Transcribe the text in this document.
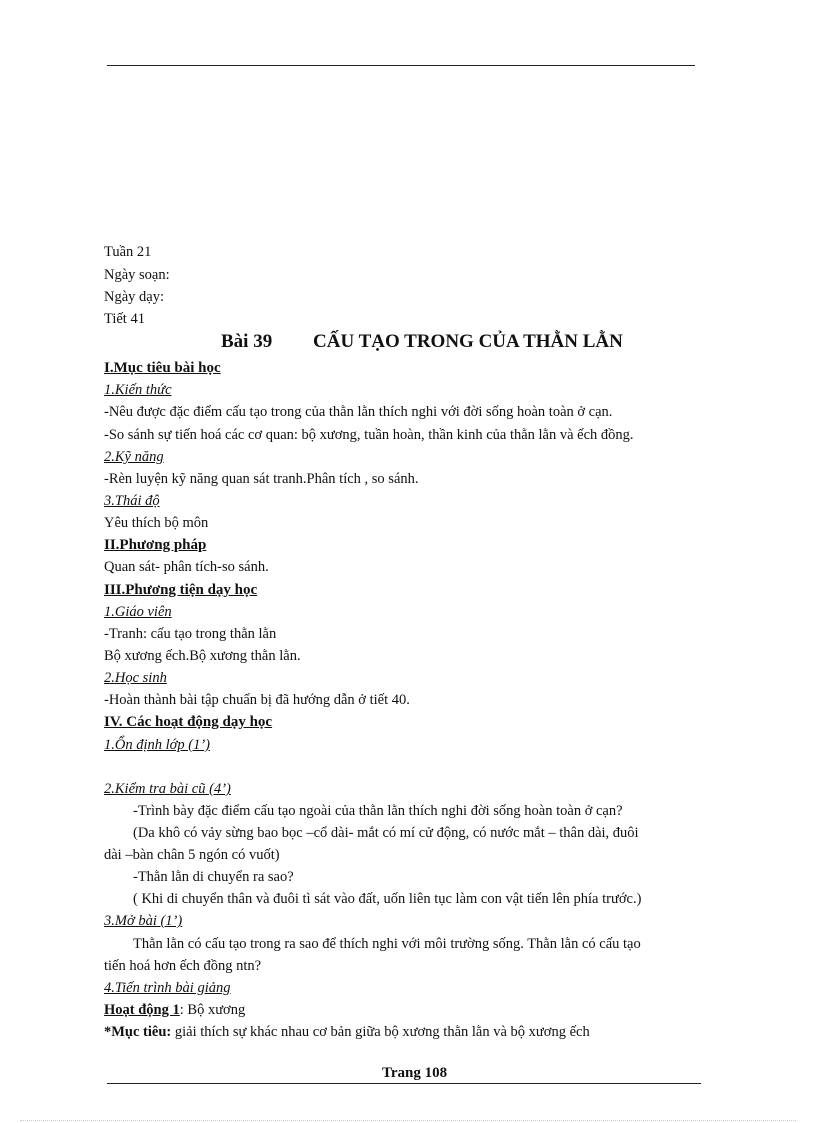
Tuần 21
Ngày soạn:
Ngày dạy:
Tiết 41
Bài 39 CẤU TẠO TRONG CỦA THẰN LẰN
I.Mục tiêu bài học
1.Kiến thức
-Nêu được đặc điểm cấu tạo trong của thằn lằn thích nghi với đời sống hoàn toàn ở cạn.
-So sánh sự tiến hoá các cơ quan: bộ xương, tuần hoàn, thần kinh của thằn lằn và ếch đồng.
2.Kỹ năng
-Rèn luyện kỹ năng quan sát tranh.Phân tích , so sánh.
3.Thái độ
Yêu thích bộ môn
II.Phương pháp
Quan sát- phân tích-so sánh.
III.Phương tiện dạy học
1.Giáo viên
-Tranh: cấu tạo trong thằn lằn
Bộ xương ếch.Bộ xương thằn lằn.
2.Học sinh
-Hoàn thành bài tập chuẩn bị đã hướng dẫn ở tiết 40.
IV. Các hoạt động dạy học
1.Ổn định lớp (1’)
2.Kiểm tra bài cũ (4’)
-Trình bày đặc điểm cấu tạo ngoài của thằn lằn thích nghi đời sống hoàn toàn ở cạn?
(Da khô có vảy sừng bao bọc –cổ dài- mắt có mí cử động, có nước mắt – thân dài, đuôi
dài –bàn chân 5 ngón có vuốt)
-Thằn lằn di chuyển ra sao?
( Khi di chuyển thân và đuôi tì sát vào đất, uốn liên tục làm con vật tiến lên phía trước.)
3.Mở bài (1’)
Thằn lằn có cấu tạo trong ra sao để thích nghi với môi trường sống. Thằn lằn có cấu tạo
tiến hoá hơn ếch đồng ntn?
4.Tiến trình bài giảng
Hoạt động 1: Bộ xương
*Mục tiêu: giải thích sự khác nhau cơ bản giữa bộ xương thằn lằn và bộ xương ếch
Trang 108
